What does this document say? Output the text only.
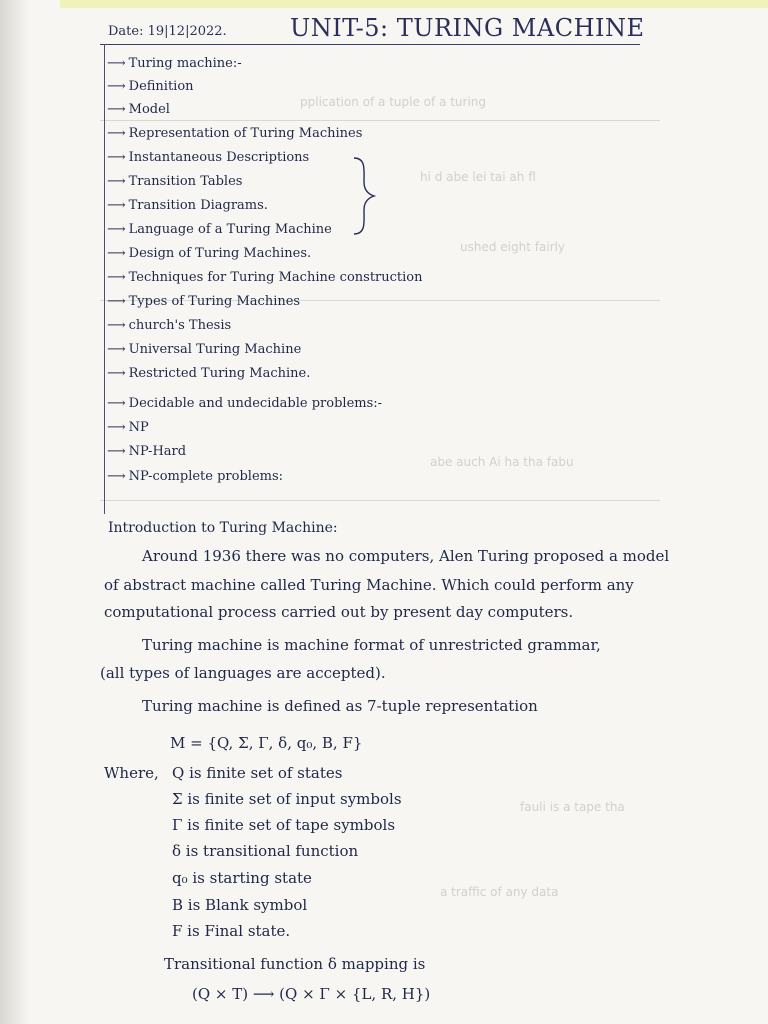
pplication of a tuple of a turing
hi d abe lei tai ah fl
ushed eight fairly
abe auch Ai ha tha fabu
fauli is a tape tha
a traffic of any data
Date: 19|12|2022.	UNIT-5: TURING MACHINE
⟶ Turing machine:-
⟶ Definition
⟶ Model
⟶ Representation of Turing Machines
⟶ Instantaneous Descriptions
⟶ Transition Tables
⟶ Transition Diagrams.
⟶ Language of a Turing Machine
⟶ Design of Turing Machines.
⟶ Techniques for Turing Machine construction
⟶ Types of Turing Machines
⟶ church's Thesis
⟶ Universal Turing Machine
⟶ Restricted Turing Machine.
⟶ Decidable and undecidable problems:-
⟶ NP
⟶ NP-Hard
⟶ NP-complete problems:
Introduction to Turing Machine:
Around 1936 there was no computers, Alen Turing proposed a model
of abstract machine called Turing Machine. Which could perform any
computational process carried out by present day computers.
Turing machine is machine format of unrestricted grammar,
(all types of languages are accepted).
Turing machine is defined as 7-tuple representation
M = {Q, Σ, Γ, δ, q₀, B, F}
Where, Q is finite set of states
Σ is finite set of input symbols
Γ is finite set of tape symbols
δ is transitional function
q₀ is starting state
B is Blank symbol
F is Final state.
Transitional function δ mapping is
(Q × T) ⟶ (Q × Γ × {L, R, H})
